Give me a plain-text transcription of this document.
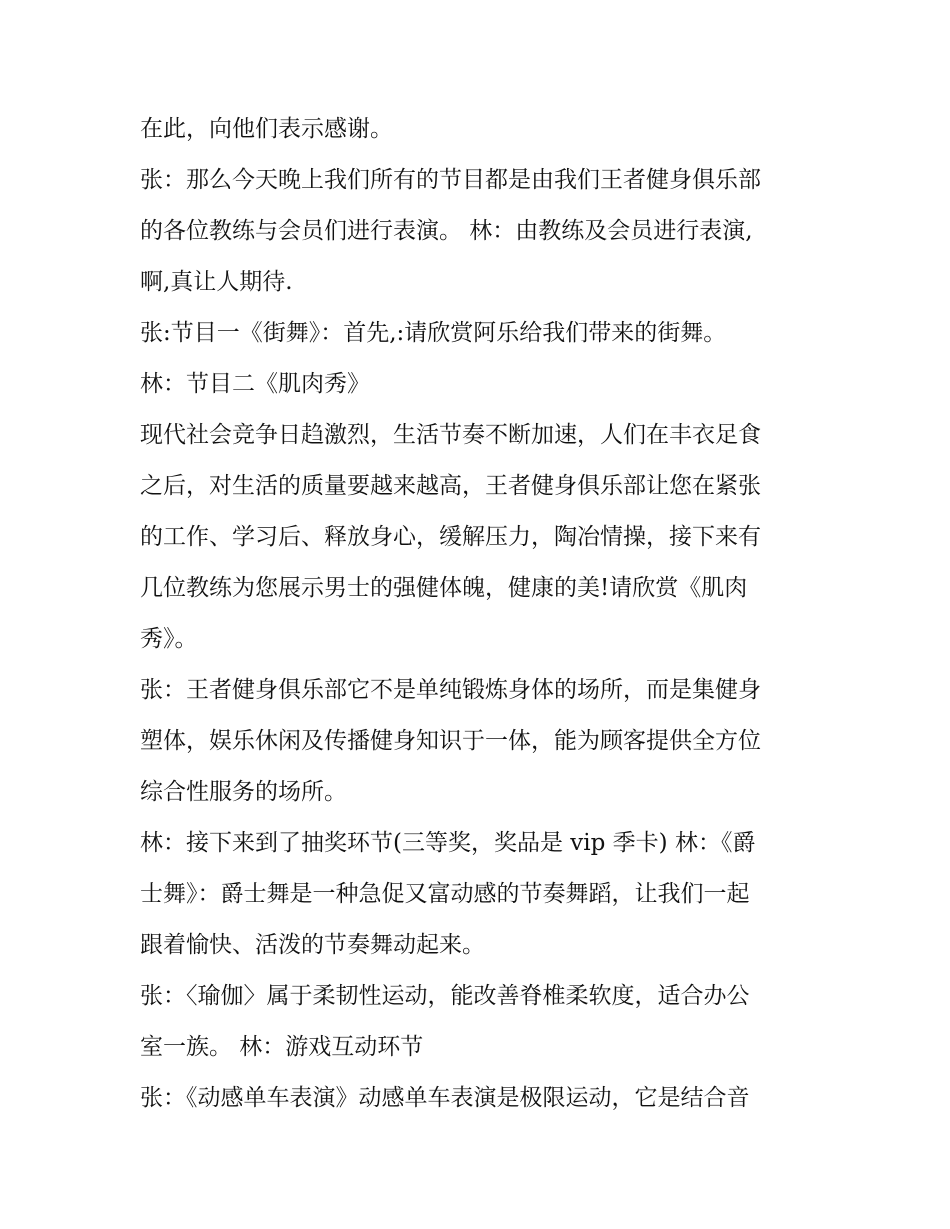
在此，向他们表示感谢。
张：那么今天晚上我们所有的节目都是由我们王者健身俱乐部
的各位教练与会员们进行表演。 林：由教练及会员进行表演,
啊,真让人期待.
张:节目一《街舞》：首先,:请欣赏阿乐给我们带来的街舞。
林：节目二《肌肉秀》
现代社会竞争日趋激烈，生活节奏不断加速，人们在丰衣足食
之后，对生活的质量要越来越高，王者健身俱乐部让您在紧张
的工作、学习后、释放身心，缓解压力，陶冶情操，接下来有
几位教练为您展示男士的强健体魄，健康的美!请欣赏《肌肉
秀》。
张：王者健身俱乐部它不是单纯锻炼身体的场所，而是集健身
塑体，娱乐休闲及传播健身知识于一体，能为顾客提供全方位
综合性服务的场所。
林：接下来到了抽奖环节(三等奖，奖品是 vip 季卡) 林：《爵
士舞》：爵士舞是一种急促又富动感的节奏舞蹈，让我们一起
跟着愉快、活泼的节奏舞动起来。
张：〈瑜伽〉属于柔韧性运动，能改善脊椎柔软度，适合办公
室一族。 林：游戏互动环节
张：《动感单车表演》动感单车表演是极限运动，它是结合音
